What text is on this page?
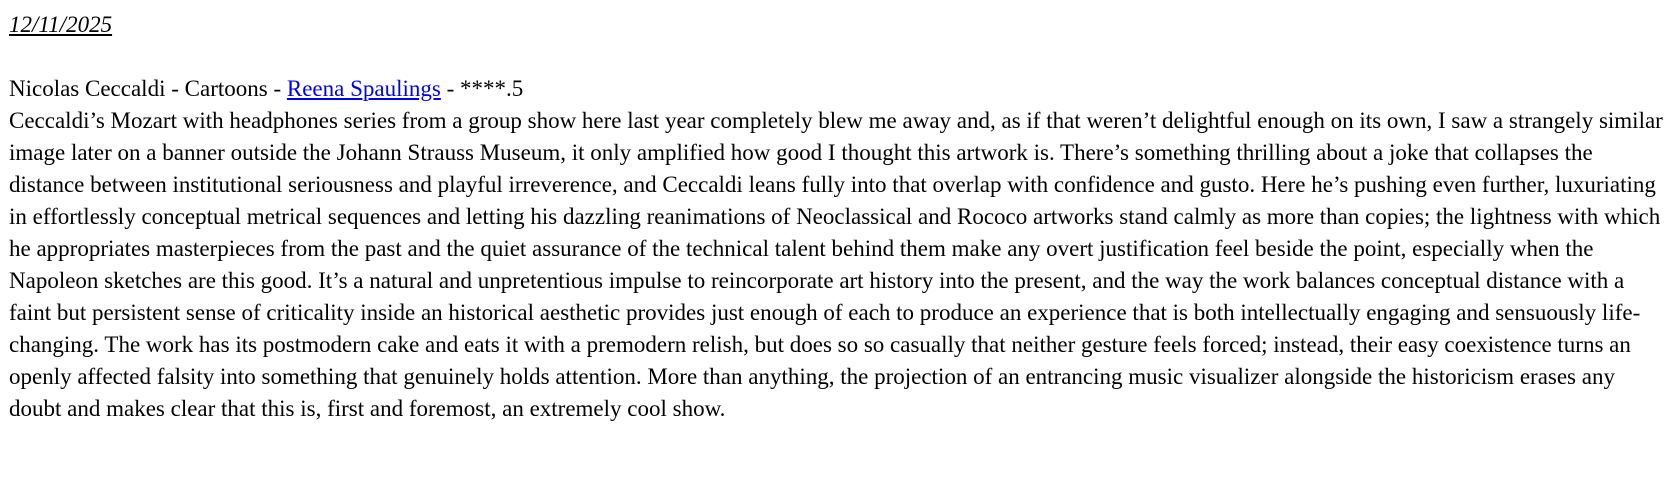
12/11/2025
Nicolas Ceccaldi - Cartoons - Reena Spaulings - ****.5

Ceccaldi’s Mozart with headphones series from a group show here last year completely blew me away and, as if that weren’t delightful enough on its own, I saw a strangely similar image later on a banner outside the Johann Strauss Museum, it only amplified how good I thought this artwork is. There’s something thrilling about a joke that collapses the distance between institutional seriousness and playful irreverence, and Ceccaldi leans fully into that overlap with confidence and gusto. Here he’s pushing even further, luxuriating in effortlessly conceptual metrical sequences and letting his dazzling reanimations of Neoclassical and Rococo artworks stand calmly as more than copies; the lightness with which he appropriates masterpieces from the past and the quiet assurance of the technical talent behind them make any overt justification feel beside the point, especially when the Napoleon sketches are this good. It’s a natural and unpretentious impulse to reincorporate art history into the present, and the way the work balances conceptual distance with a faint but persistent sense of criticality inside an historical aesthetic provides just enough of each to produce an experience that is both intellectually engaging and sensuously life-changing. The work has its postmodern cake and eats it with a premodern relish, but does so so casually that neither gesture feels forced; instead, their easy coexistence turns an openly affected falsity into something that genuinely holds attention. More than anything, the projection of an entrancing music visualizer alongside the historicism erases any doubt and makes clear that this is, first and foremost, an extremely cool show.
